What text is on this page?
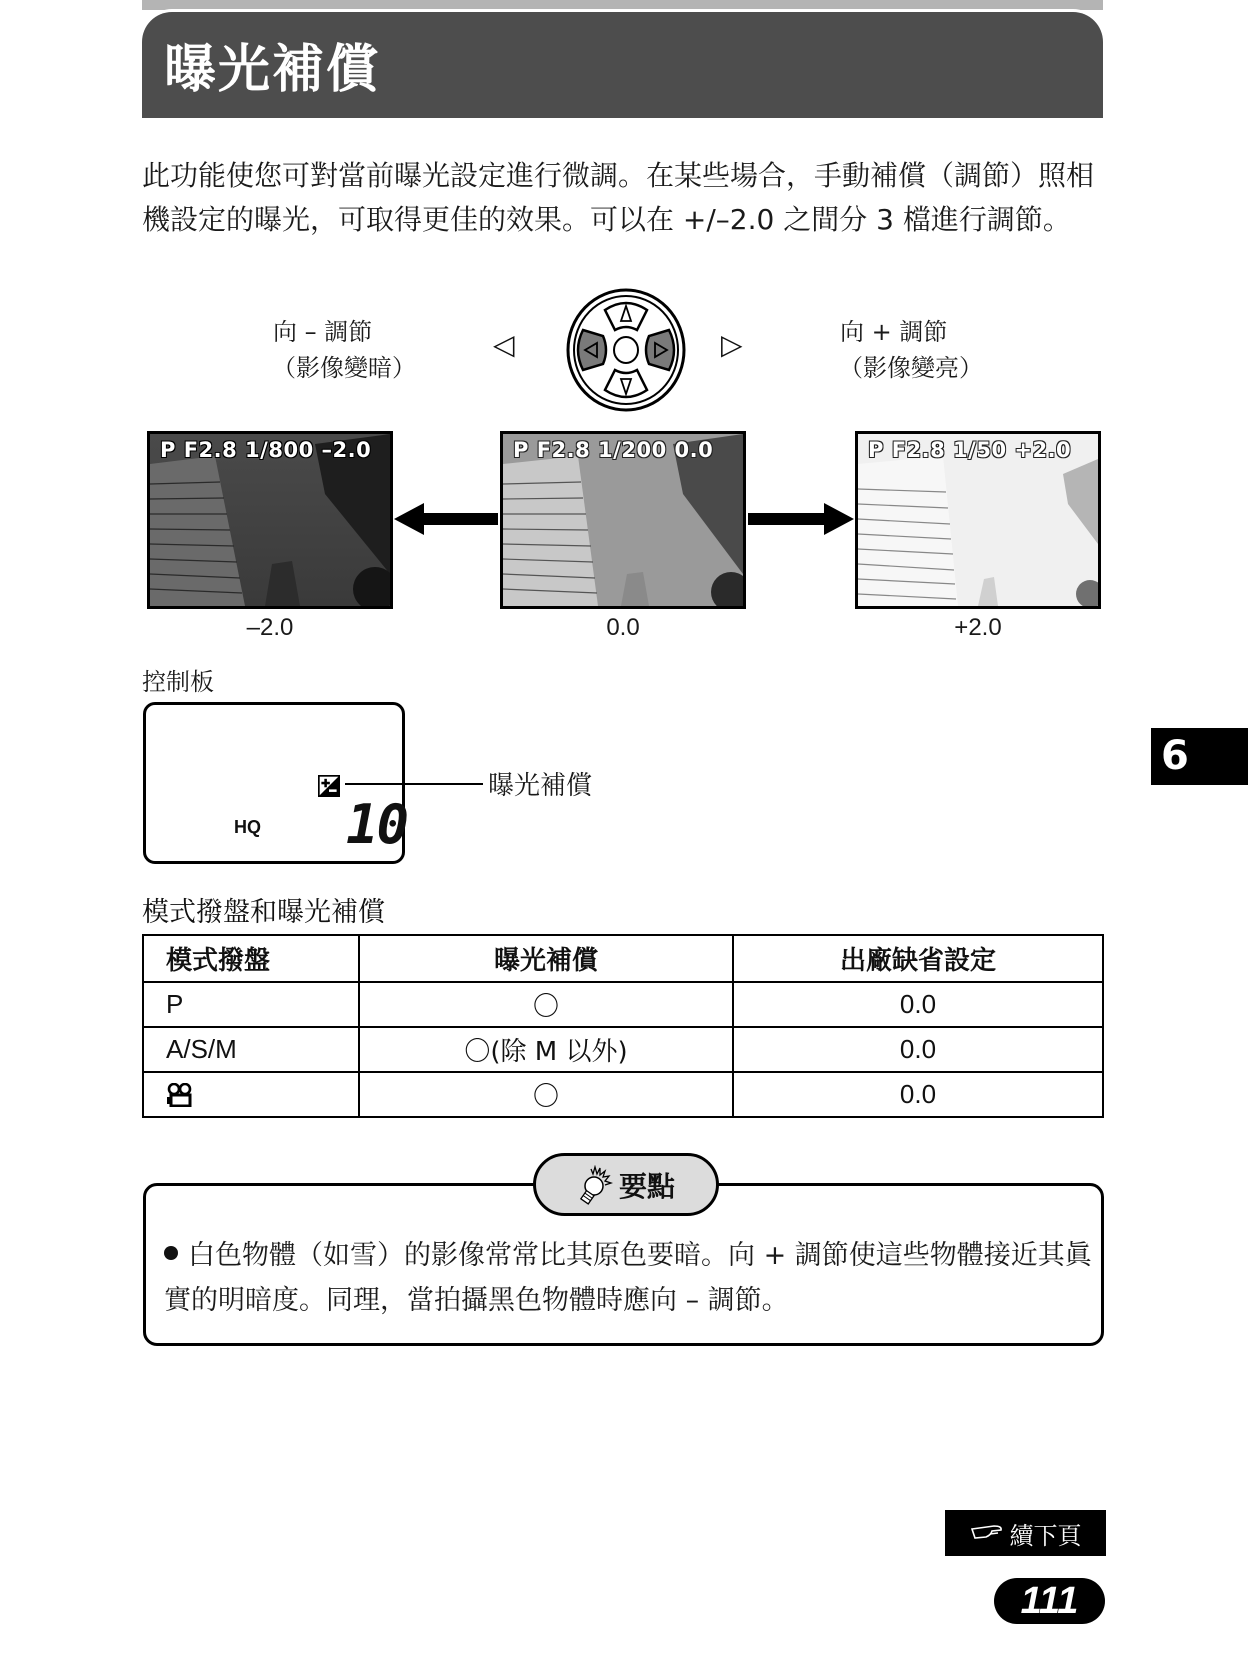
曝光補償

此功能使您可對當前曝光設定進行微調。在某些場合，手動補償（調節）照相機設定的曝光，可取得更佳的效果。可以在 +/–2.0 之間分 3 檔進行調節。

向 – 調節
（影像變暗）
◁	▷	向 + 調節
（影像變亮）
P F2.8 1/800 –2.0	P F2.8 1/200 0.0	P F2.8 1/50 +2.0
–2.0	0.0	+2.0
控制板
HQ 10
曝光補償
6
模式撥盤和曝光補償
模式撥盤	曝光補償	出廠缺省設定
P	〇	0.0
A/S/M	〇(除 M 以外)	0.0
	〇	0.0
要點
白色物體（如雪）的影像常常比其原色要暗。向 + 調節使這些物體接近其眞實的明暗度。同理，當拍攝黑色物體時應向 – 調節。
續下頁
111
